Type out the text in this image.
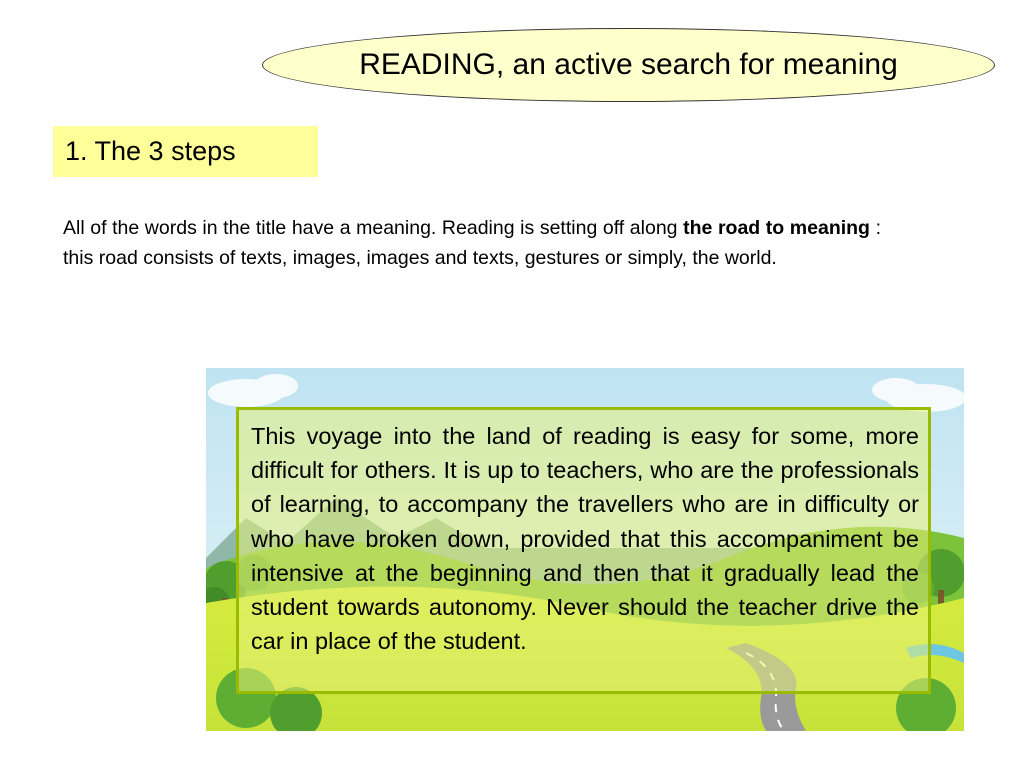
READING, an active search for meaning
1. The 3 steps
All of the words in the title have a meaning. Reading is setting off along the road to meaning : this road consists of texts, images, images and texts, gestures or simply, the world.
This voyage into the land of reading is easy for some, more difficult for others. It is up to teachers, who are the professionals of learning, to accompany the travellers who are in difficulty or who have broken down, provided that this accompaniment be intensive at the beginning and then that it gradually lead the student towards autonomy. Never should the teacher drive the car in place of the student.
